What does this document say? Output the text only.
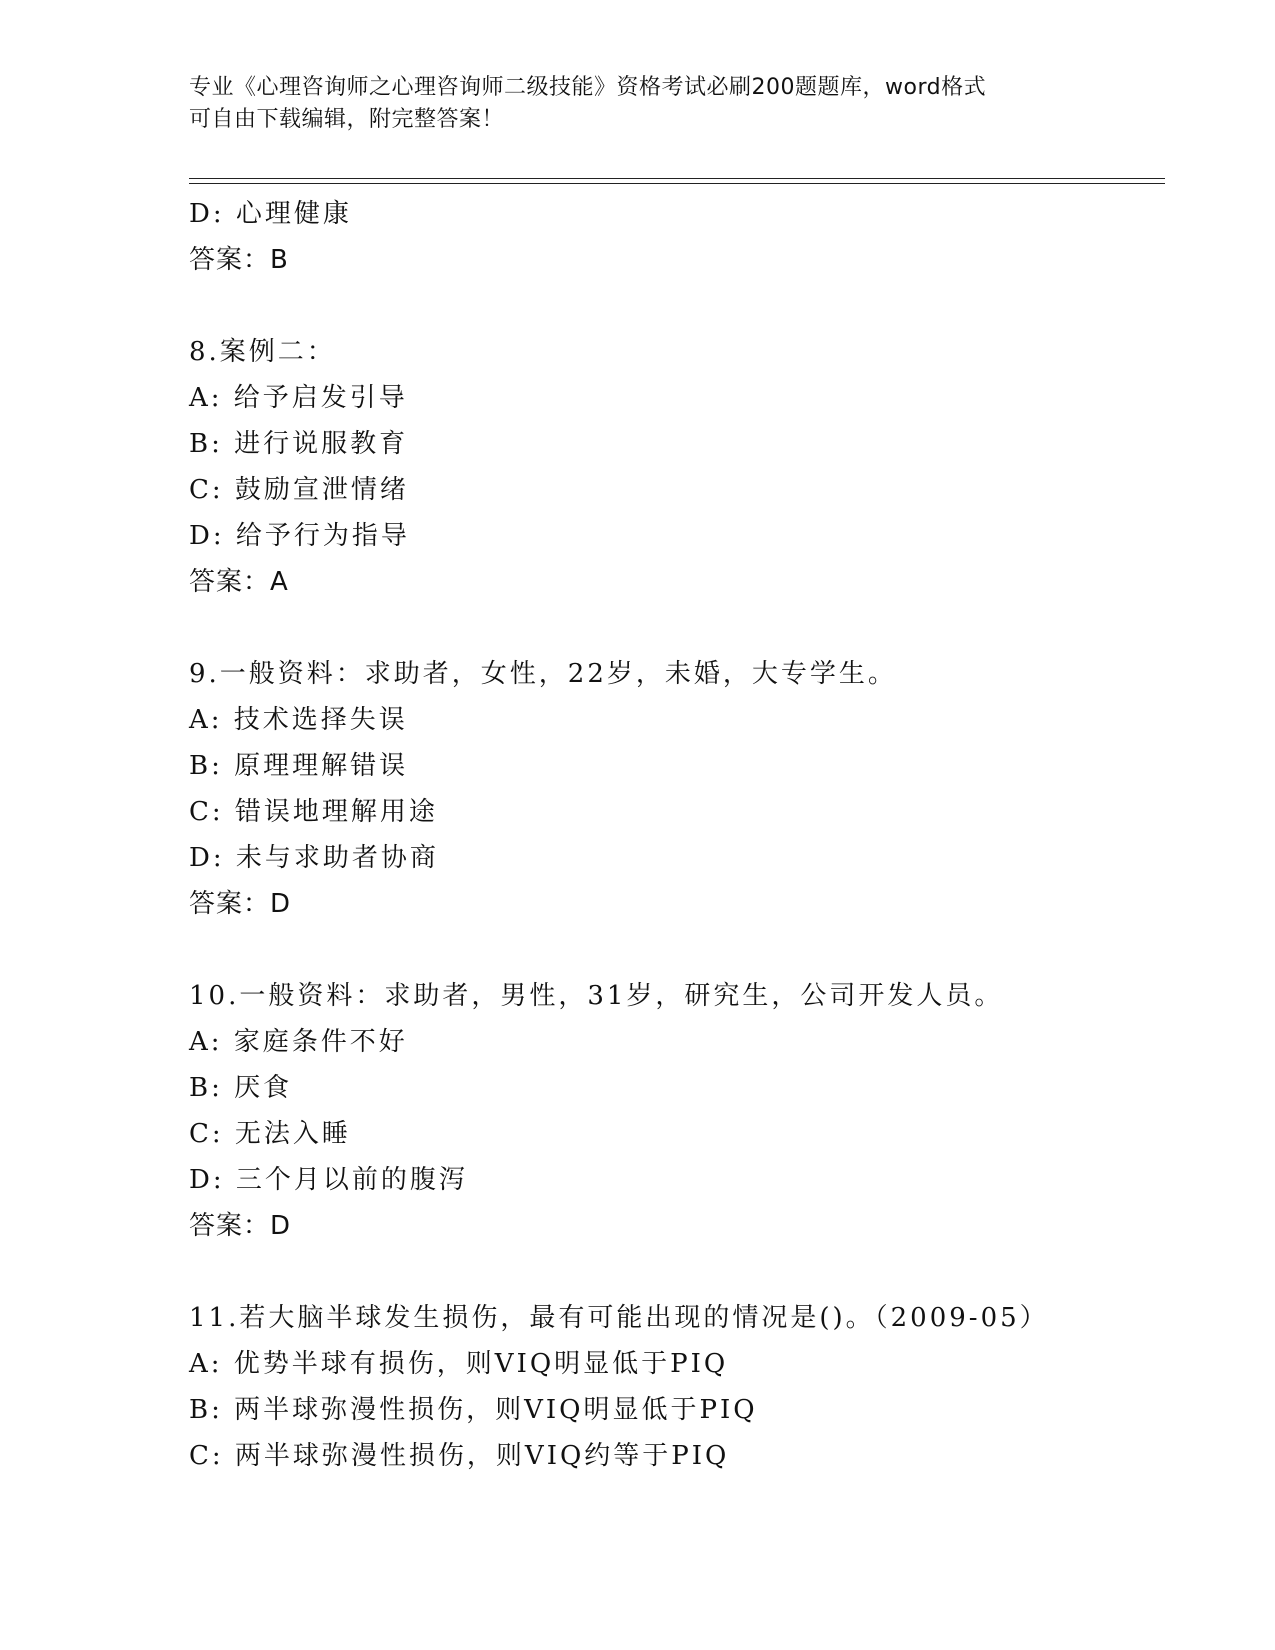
专业《心理咨询师之心理咨询师二级技能》资格考试必刷200题题库，word格式
可自由下载编辑，附完整答案！
D: 心理健康
答案：B
8.案例二：
A: 给予启发引导
B: 进行说服教育
C: 鼓励宣泄情绪
D: 给予行为指导
答案：A
9.一般资料：求助者，女性，22岁，未婚，大专学生。
A: 技术选择失误
B: 原理理解错误
C: 错误地理解用途
D: 未与求助者协商
答案：D
10.一般资料：求助者，男性，31岁，研究生，公司开发人员。
A: 家庭条件不好
B: 厌食
C: 无法入睡
D: 三个月以前的腹泻
答案：D
11.若大脑半球发生损伤，最有可能出现的情况是()。（2009-05）
A: 优势半球有损伤，则VIQ明显低于PIQ
B: 两半球弥漫性损伤，则VIQ明显低于PIQ
C: 两半球弥漫性损伤，则VIQ约等于PIQ
